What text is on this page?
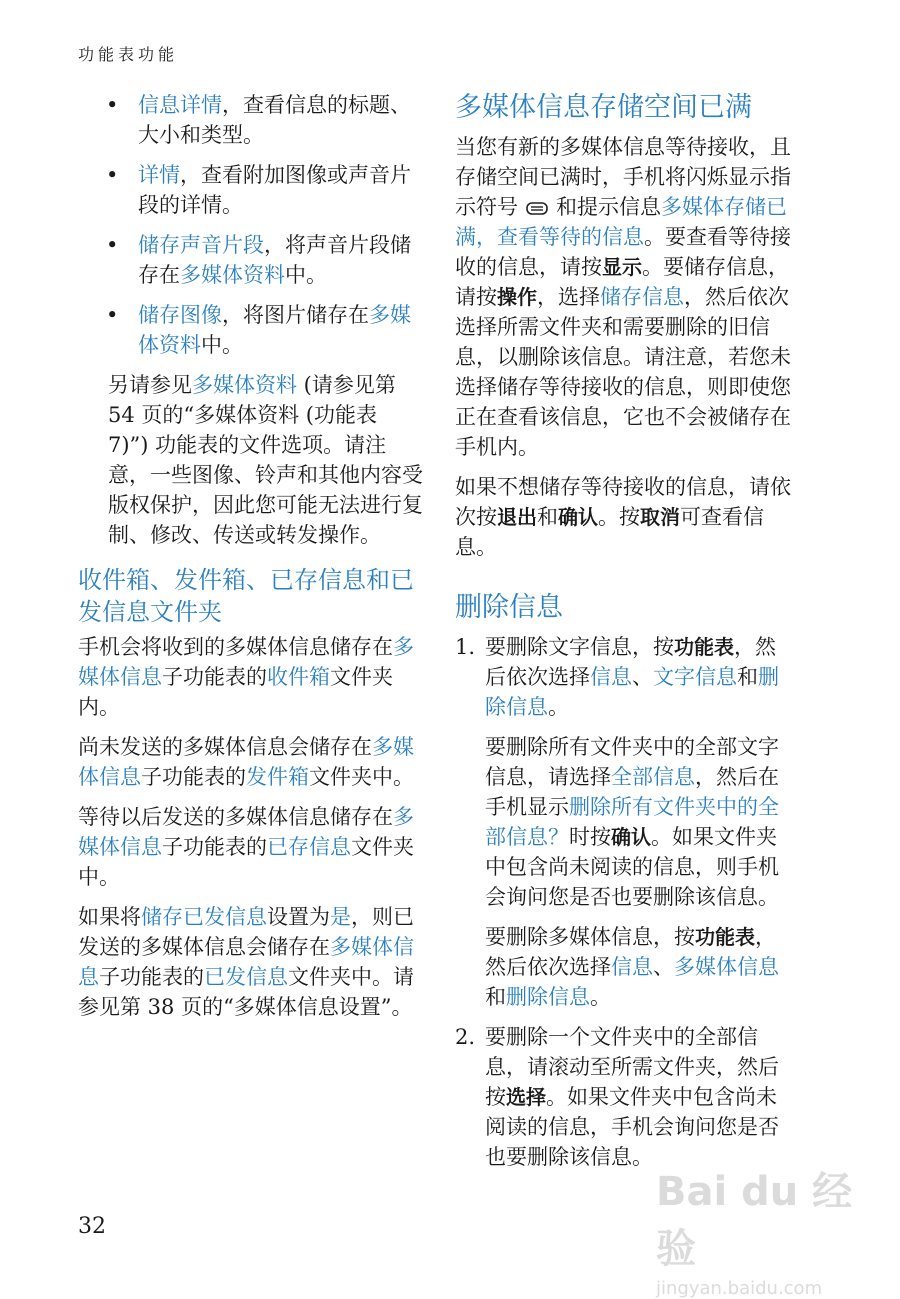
功能表功能
• 信息详情，查看信息的标题、大小和类型。
• 详情，查看附加图像或声音片段的详情。
• 储存声音片段，将声音片段储存在多媒体资料中。
• 储存图像，将图片储存在多媒体资料中。

另请参见多媒体资料 (请参见第 54 页的“多媒体资料 (功能表 7)”) 功能表的文件选项。请注意，一些图像、铃声和其他内容受版权保护，因此您可能无法进行复制、修改、传送或转发操作。

收件箱、发件箱、已存信息和已发信息文件夹

手机会将收到的多媒体信息储存在多媒体信息子功能表的收件箱文件夹内。

尚未发送的多媒体信息会储存在多媒体信息子功能表的发件箱文件夹中。

等待以后发送的多媒体信息储存在多媒体信息子功能表的已存信息文件夹中。

如果将储存已发信息设置为是，则已发送的多媒体信息会储存在多媒体信息子功能表的已发信息文件夹中。请参见第 38 页的“多媒体信息设置”。

多媒体信息存储空间已满

当您有新的多媒体信息等待接收，且存储空间已满时，手机将闪烁显示指示符号 和提示信息多媒体存储已满，查看等待的信息。要查看等待接收的信息，请按显示。要储存信息，请按操作，选择储存信息，然后依次选择所需文件夹和需要删除的旧信息，以删除该信息。请注意，若您未选择储存等待接收的信息，则即使您正在查看该信息，它也不会被储存在手机内。

如果不想储存等待接收的信息，请依次按退出和确认。按取消可查看信息。

删除信息
1. 要删除文字信息，按功能表，然后依次选择信息、文字信息和删除信息。
要删除所有文件夹中的全部文字信息，请选择全部信息，然后在手机显示删除所有文件夹中的全部信息？时按确认。如果文件夹中包含尚未阅读的信息，则手机会询问您是否也要删除该信息。
要删除多媒体信息，按功能表，然后依次选择信息、多媒体信息和删除信息。
2. 要删除一个文件夹中的全部信息，请滚动至所需文件夹，然后按选择。如果文件夹中包含尚未阅读的信息，手机会询问您是否也要删除该信息。
32
Bai du 经验
jingyan.baidu.com
